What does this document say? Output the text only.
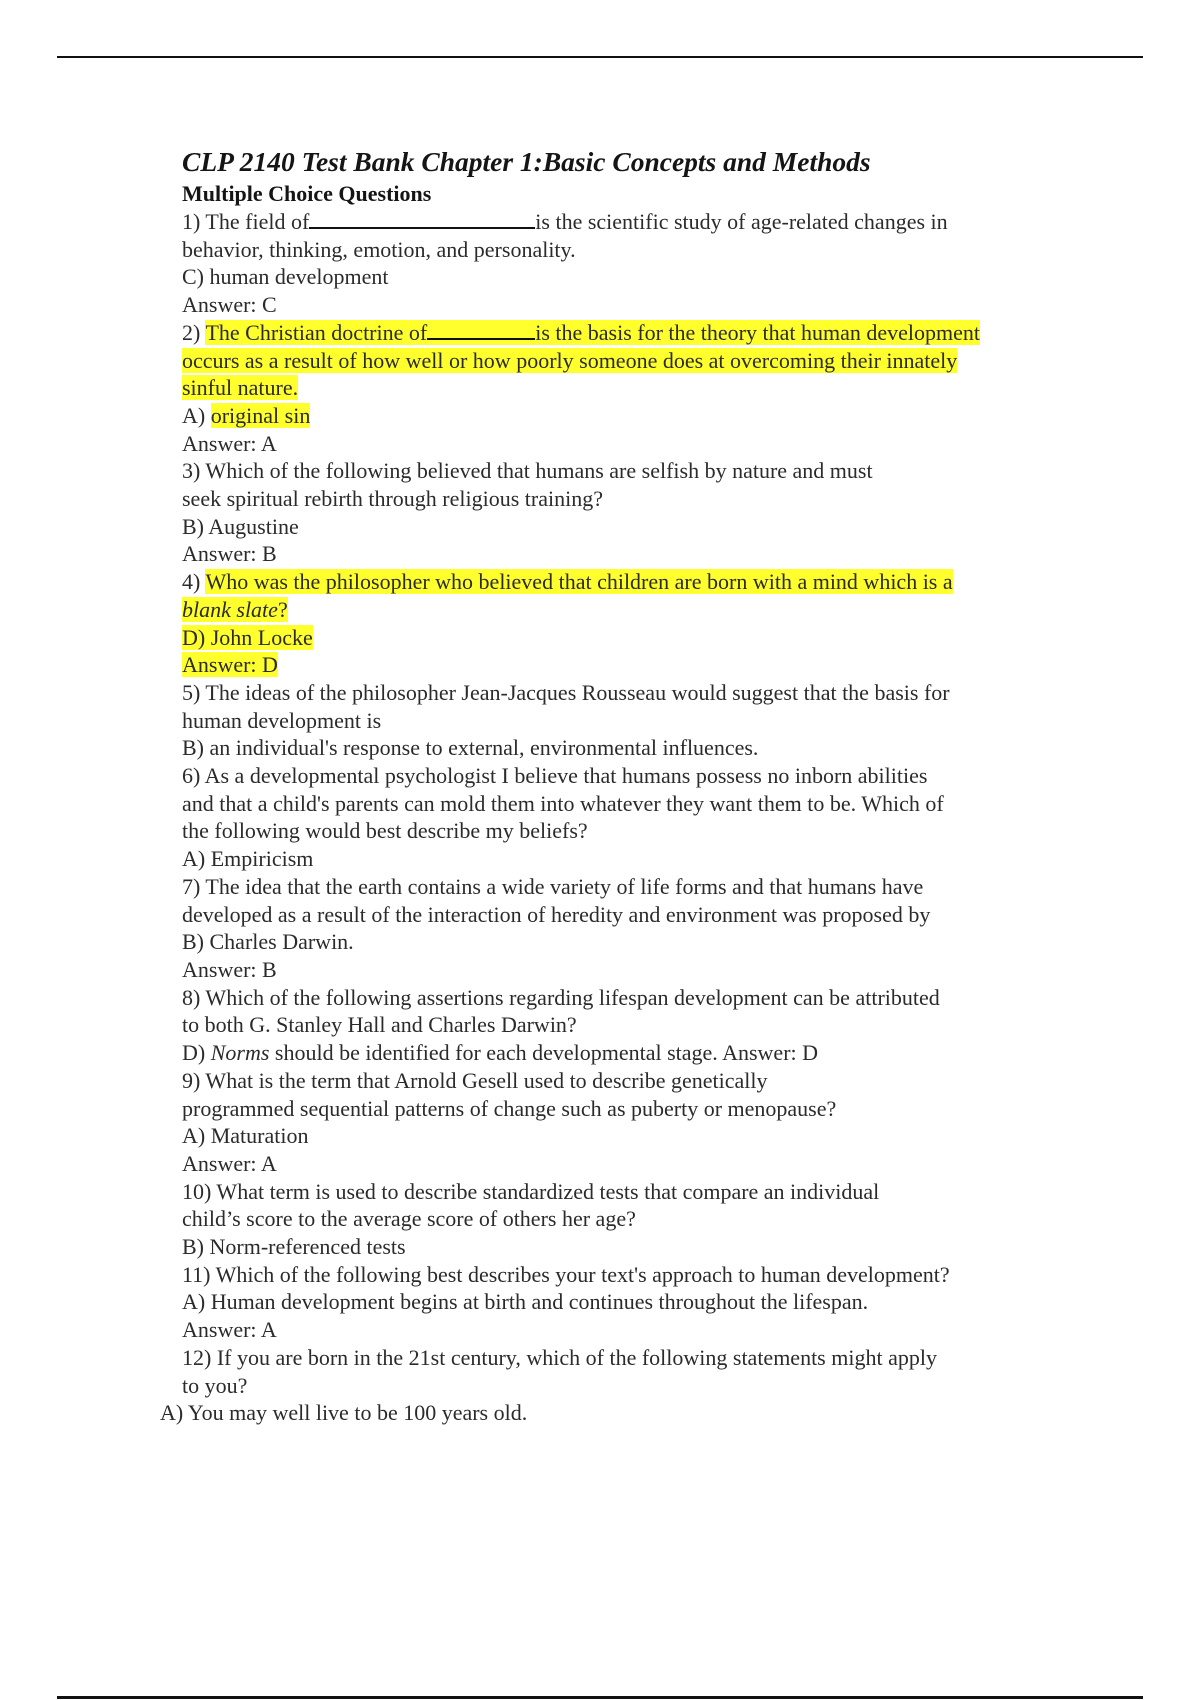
CLP 2140 Test Bank Chapter 1:Basic Concepts and Methods
Multiple Choice Questions
1) The field of	is the scientific study of age-related changes in
behavior, thinking, emotion, and personality.
C) human development
Answer: C
2) The Christian doctrine of	is the basis for the theory that human development
occurs as a result of how well or how poorly someone does at overcoming their innately
sinful nature.
A) original sin
Answer: A
3) Which of the following believed that humans are selfish by nature and must
seek spiritual rebirth through religious training?
B) Augustine
Answer: B
4) Who was the philosopher who believed that children are born with a mind which is a
blank slate?
D) John Locke
Answer: D
5) The ideas of the philosopher Jean-Jacques Rousseau would suggest that the basis for
human development is
B) an individual's response to external, environmental influences.
6) As a developmental psychologist I believe that humans possess no inborn abilities
and that a child's parents can mold them into whatever they want them to be. Which of
the following would best describe my beliefs?
A) Empiricism
7) The idea that the earth contains a wide variety of life forms and that humans have
developed as a result of the interaction of heredity and environment was proposed by
B) Charles Darwin.
Answer: B
8) Which of the following assertions regarding lifespan development can be attributed
to both G. Stanley Hall and Charles Darwin?
D) Norms should be identified for each developmental stage. Answer: D
9) What is the term that Arnold Gesell used to describe genetically
programmed sequential patterns of change such as puberty or menopause?
A) Maturation
Answer: A
10) What term is used to describe standardized tests that compare an individual
child’s score to the average score of others her age?
B) Norm-referenced tests
11) Which of the following best describes your text's approach to human development?
A) Human development begins at birth and continues throughout the lifespan.
Answer: A
12) If you are born in the 21st century, which of the following statements might apply
to you?
A) You may well live to be 100 years old.
